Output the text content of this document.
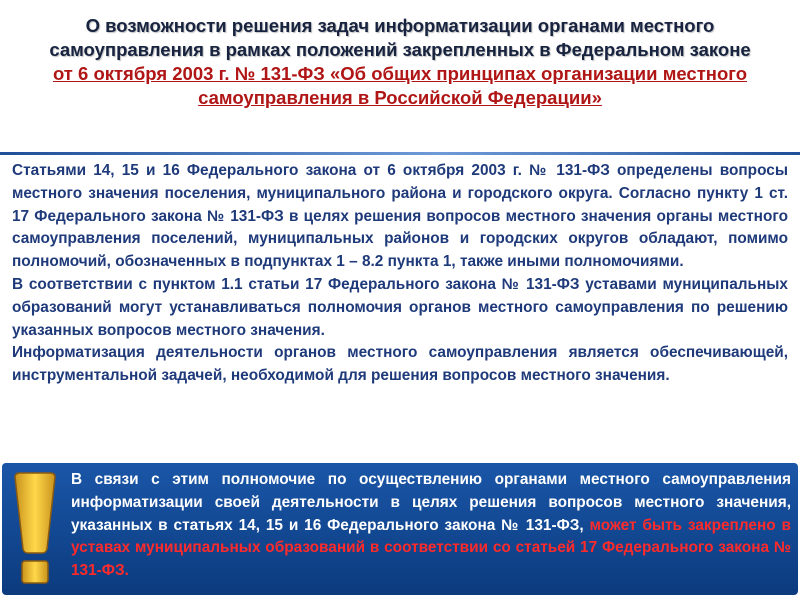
О возможности решения задач информатизации органами местного самоуправления в рамках положений закрепленных в Федеральном законе
от 6 октября 2003 г. № 131-ФЗ «Об общих принципах организации местного самоуправления в Российской Федерации»

Статьями 14, 15 и 16 Федерального закона от 6 октября 2003 г. № 131-ФЗ определены вопросы местного значения поселения, муниципального района и городского округа. Согласно пункту 1 ст. 17 Федерального закона № 131-ФЗ в целях решения вопросов местного значения органы местного самоуправления поселений, муниципальных районов и городских округов обладают, помимо полномочий, обозначенных в подпунктах 1 – 8.2 пункта 1, также иными полномочиями.

В соответствии с пунктом 1.1 статьи 17 Федерального закона № 131-ФЗ уставами муниципальных образований могут устанавливаться полномочия органов местного самоуправления по решению указанных вопросов местного значения.

Информатизация деятельности органов местного самоуправления является обеспечивающей, инструментальной задачей, необходимой для решения вопросов местного значения.

В связи с этим полномочие по осуществлению органами местного самоуправления информатизации своей деятельности в целях решения вопросов местного значения, указанных в статьях 14, 15 и 16 Федерального закона № 131-ФЗ, может быть закреплено в уставах муниципальных образований в соответствии со статьей 17 Федерального закона № 131-ФЗ.
